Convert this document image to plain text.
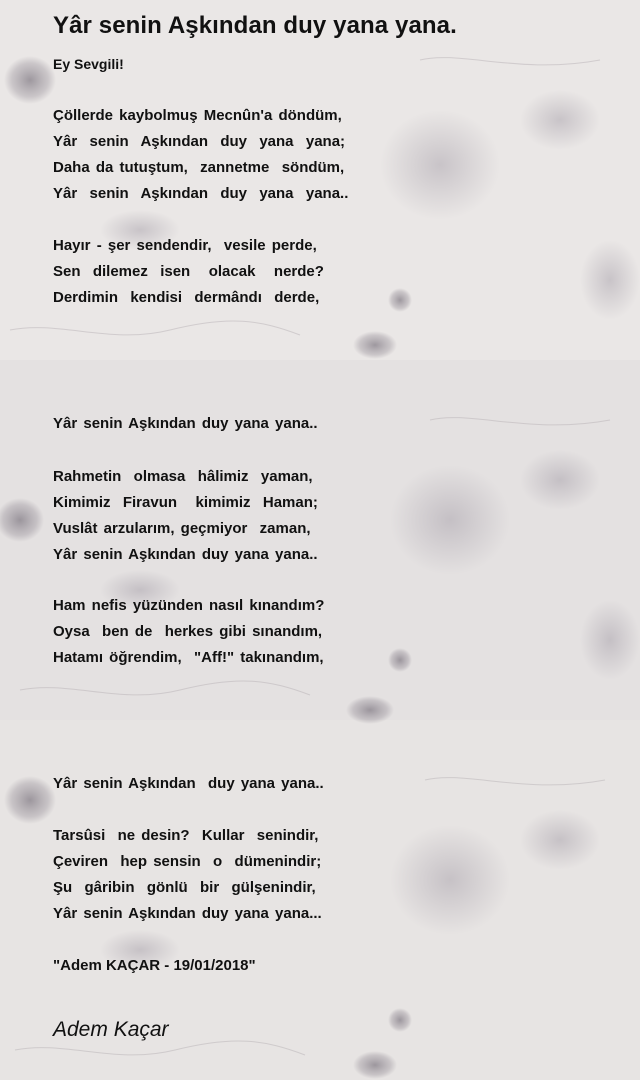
Yâr senin Aşkından duy yana yana.

Ey Sevgili!

Çöllerde kaybolmuş Mecnûn'a döndüm,
Yâr  senin  Aşkından  duy  yana  yana;
Daha da tutuştum,  zannetme  söndüm,
Yâr  senin  Aşkından  duy  yana  yana..
Hayır - şer sendendir,  vesile perde,
Sen  dilemez  isen   olacak   nerde?
Derdimin  kendisi  dermândı  derde,
Yâr senin Aşkından duy yana yana..
Rahmetin  olmasa  hâlimiz  yaman,
Kimimiz  Firavun   kimimiz  Haman;
Vuslât arzularım, geçmiyor  zaman,
Yâr senin Aşkından duy yana yana..
Ham nefis yüzünden nasıl kınandım?
Oysa  ben de  herkes gibi sınandım,
Hatamı öğrendim,  "Aff!" takınandım,
Yâr senin Aşkından  duy yana yana..
Tarsûsi  ne desin?  Kullar  senindir,
Çeviren  hep sensin  o  dümenindir;
Şu  gâribin  gönlü  bir  gülşenindir,
Yâr senin Aşkından duy yana yana...

"Adem KAÇAR - 19/01/2018"

Adem Kaçar
